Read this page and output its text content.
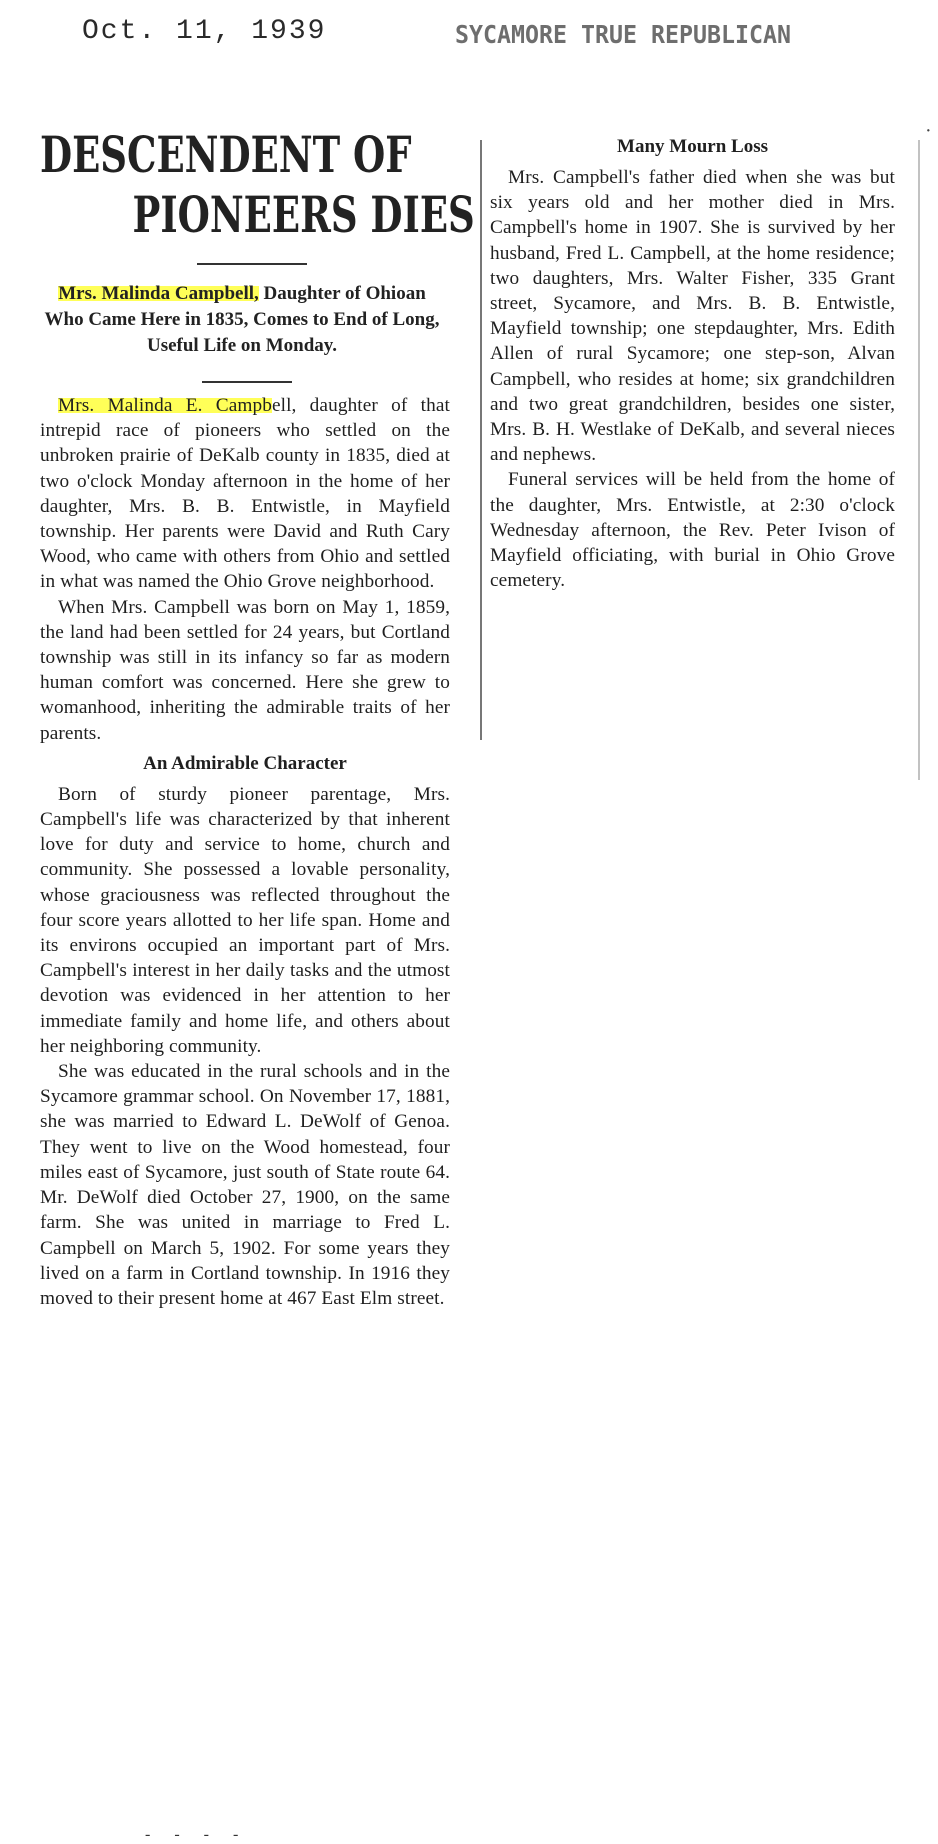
Oct. 11, 1939	SYCAMORE TRUE REPUBLICAN
·
DESCENDENT OF
PIONEERS DIES
Mrs. Malinda Campbell, Daughter of Ohioan Who Came Here in 1835, Comes to End of Long, Useful Life on Monday.

Mrs. Malinda E. Campbell, daughter of that intrepid race of pioneers who settled on the unbroken prairie of DeKalb county in 1835, died at two o'clock Monday afternoon in the home of her daughter, Mrs. B. B. Entwistle, in Mayfield township. Her parents were David and Ruth Cary Wood, who came with others from Ohio and settled in what was named the Ohio Grove neighborhood.

When Mrs. Campbell was born on May 1, 1859, the land had been settled for 24 years, but Cortland township was still in its infancy so far as modern human comfort was concerned. Here she grew to womanhood, inheriting the admirable traits of her parents.

An Admirable Character

Born of sturdy pioneer parentage, Mrs. Campbell's life was characterized by that inherent love for duty and service to home, church and community. She possessed a lovable personality, whose graciousness was reflected throughout the four score years allotted to her life span. Home and its environs occupied an important part of Mrs. Campbell's interest in her daily tasks and the utmost devotion was evidenced in her attention to her immediate family and home life, and others about her neighboring community.

She was educated in the rural schools and in the Sycamore grammar school. On November 17, 1881, she was married to Edward L. DeWolf of Genoa. They went to live on the Wood homestead, four miles east of Sycamore, just south of State route 64. Mr. DeWolf died October 27, 1900, on the same farm. She was united in marriage to Fred L. Campbell on March 5, 1902. For some years they lived on a farm in Cortland township. In 1916 they moved to their present home at 467 East Elm street.

Many Mourn Loss

Mrs. Campbell's father died when she was but six years old and her mother died in Mrs. Campbell's home in 1907. She is survived by her husband, Fred L. Campbell, at the home residence; two daughters, Mrs. Walter Fisher, 335 Grant street, Sycamore, and Mrs. B. B. Entwistle, Mayfield township; one stepdaughter, Mrs. Edith Allen of rural Sycamore; one step-son, Alvan Campbell, who resides at home; six grandchildren and two great grandchildren, besides one sister, Mrs. B. H. Westlake of DeKalb, and several nieces and nephews.

Funeral services will be held from the home of the daughter, Mrs. Entwistle, at 2:30 o'clock Wednesday afternoon, the Rev. Peter Ivison of Mayfield officiating, with burial in Ohio Grove cemetery.

- - - -
